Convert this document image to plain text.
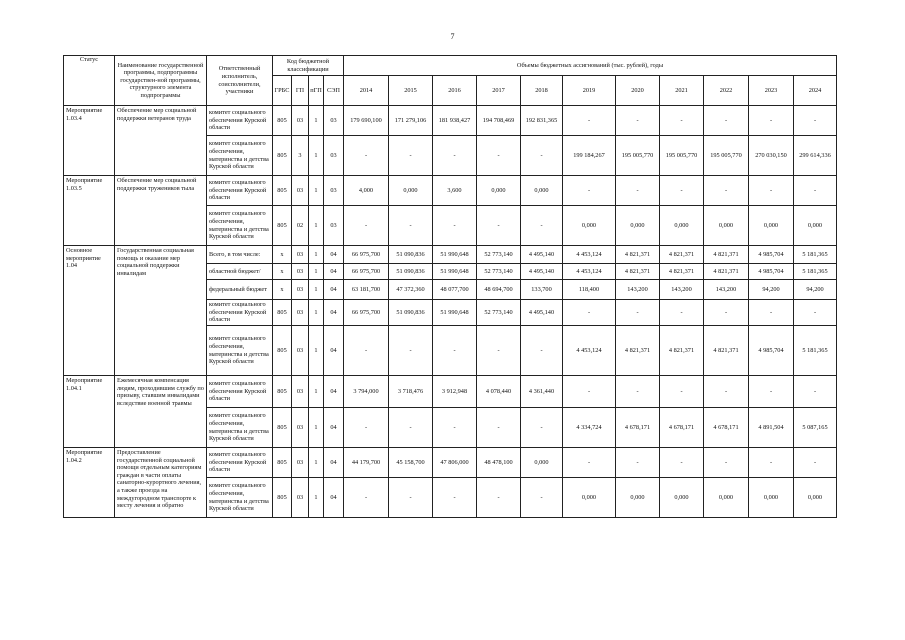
7
Статус	Наименование государственной программы, подпрограммы государствен-ной программы, структурного элемента подпрограммы	Ответственный исполнитель, соисполнители, участники	Код бюджетной классификации				Объемы бюджетных ассигнований (тыс. рублей), годы										
			ГРБС	ГП	пГП	СЭП	2014	2015	2016	2017	2018	2019	2020	2021	2022	2023	2024
Мероприятие 1.03.4	Обеспечение мер социальной поддержки ветеранов труда	комитет социального обеспечения Курской области	805	03	1	03	179 690,100	171 279,106	181 938,427	194 708,469	192 831,365	-	-	-	-	-	-
		комитет социального обеспечения, материнства и детства Курской области	805	3	1	03	-	-	-	-	-	199 184,267	195 005,770	195 005,770	195 005,770	270 030,150	299 614,336
Мероприятие 1.03.5	Обеспечение мер социальной поддержки тружеников тыла	комитет социального обеспечения Курской области	805	03	1	03	4,000	0,000	3,600	0,000	0,000	-	-	-	-	-	-
		комитет социального обеспечения, материнства и детства Курской области	805	02	1	03	-	-	-	-	-	0,000	0,000	0,000	0,000	0,000	0,000
Основное мероприятие 1.04	Государственная социальная помощь и оказание мер социальной поддержки инвалидам	Всего, в том числе:	x	03	1	04	66 975,700	51 090,836	51 990,648	52 773,140	4 495,140	4 453,124	4 821,371	4 821,371	4 821,371	4 985,704	5 181,365
		областной бюджет/	x	03	1	04	66 975,700	51 090,836	51 990,648	52 773,140	4 495,140	4 453,124	4 821,371	4 821,371	4 821,371	4 985,704	5 181,365
		федеральный бюджет	x	03	1	04	63 181,700	47 372,360	48 077,700	48 694,700	133,700	118,400	143,200	143,200	143,200	94,200	94,200
		комитет социального обеспечения Курской области	805	03	1	04	66 975,700	51 090,836	51 990,648	52 773,140	4 495,140	-	-	-	-	-	-
		комитет социального обеспечения, материнства и детства Курской области	805	03	1	04	-	-	-	-	-	4 453,124	4 821,371	4 821,371	4 821,371	4 985,704	5 181,365
Мероприятие 1.04.1	Ежемесячная компенсация людям, проходившим службу по призыву, ставшим инвалидами вследствие военной травмы	комитет социального обеспечения Курской области	805	03	1	04	3 794,000	3 718,476	3 912,948	4 078,440	4 361,440	-	-	-	-	-	-
		комитет социального обеспечения, материнства и детства Курской области	805	03	1	04	-	-	-	-	-	4 334,724	4 678,171	4 678,171	4 678,171	4 891,504	5 087,165
Мероприятие 1.04.2	Предоставление государственной социальной помощи отдельным категориям граждан в части оплаты санаторно-курортного лечения, а также проезда на междугородном транспорте к месту лечения и обратно	комитет социального обеспечения Курской области	805	03	1	04	44 179,700	45 158,700	47 806,000	48 478,100	0,000	-	-	-	-	-	-
		комитет социального обеспечения, материнства и детства Курской области	805	03	1	04	-	-	-	-	-	0,000	0,000	0,000	0,000	0,000	0,000
